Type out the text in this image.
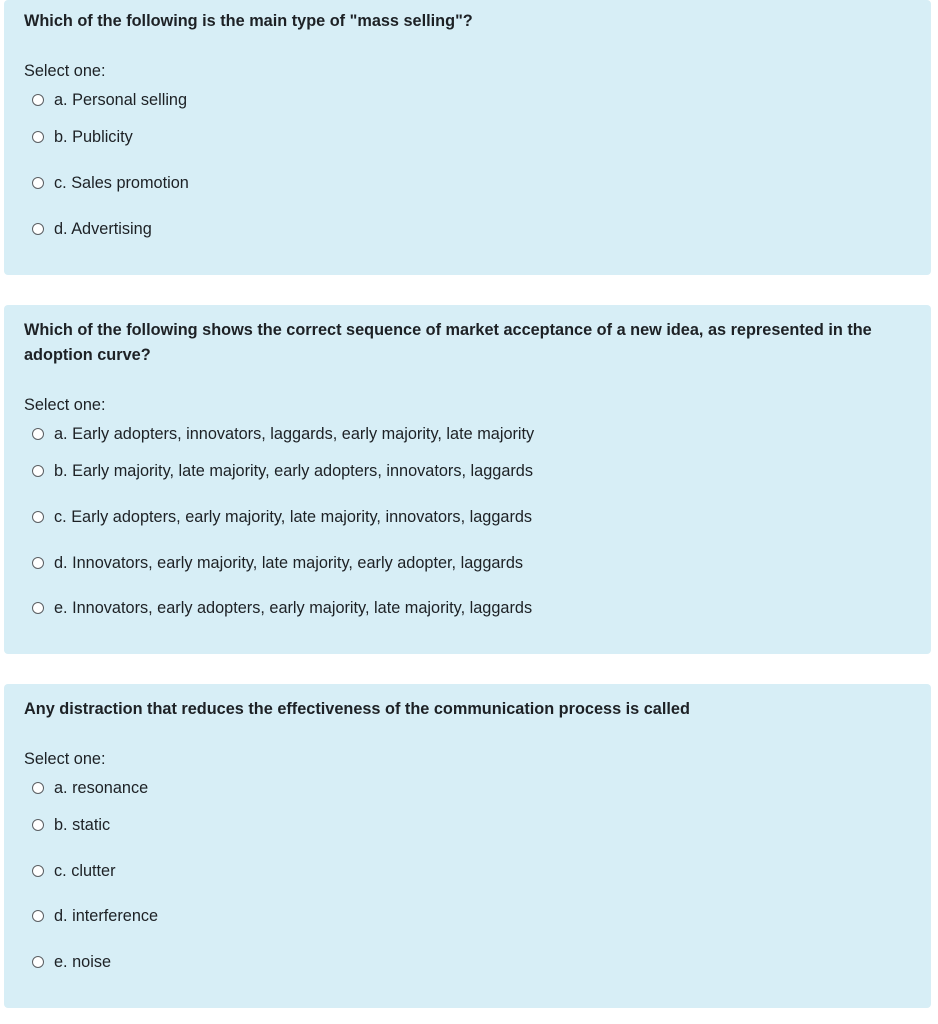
Which of the following is the main type of "mass selling"?
Select one:
a. Personal selling
b. Publicity
c. Sales promotion
d. Advertising
Which of the following shows the correct sequence of market acceptance of a new idea, as represented in the adoption curve?
Select one:
a. Early adopters, innovators, laggards, early majority, late majority
b. Early majority, late majority, early adopters, innovators, laggards
c. Early adopters, early majority, late majority, innovators, laggards
d. Innovators, early majority, late majority, early adopter, laggards
e. Innovators, early adopters, early majority, late majority, laggards
Any distraction that reduces the effectiveness of the communication process is called
Select one:
a. resonance
b. static
c. clutter
d. interference
e. noise
